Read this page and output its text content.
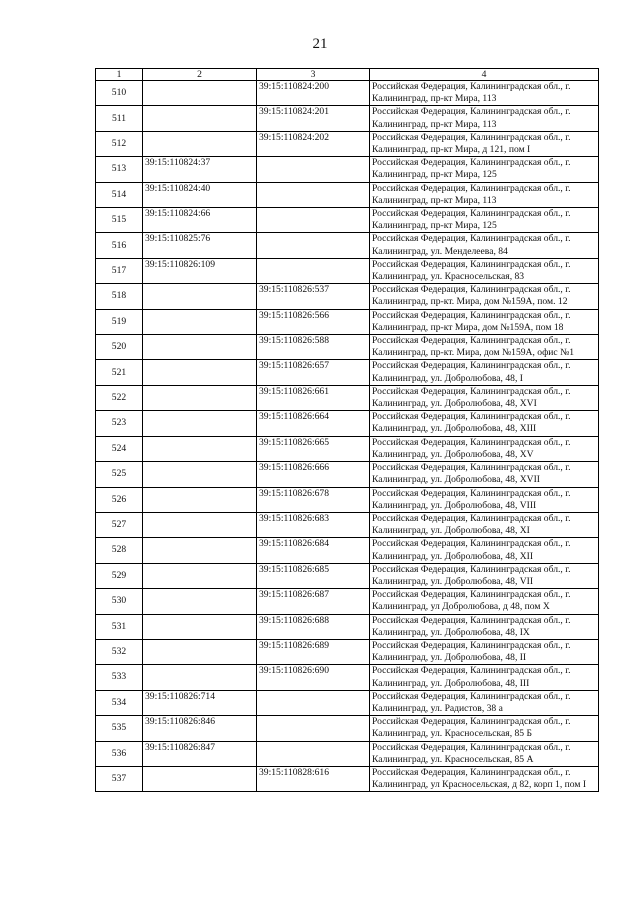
21
1	2	3	4
510		39:15:110824:200	Российская Федерация, Калининградская обл., г. Калининград, пр-кт Мира, 113
511		39:15:110824:201	Российская Федерация, Калининградская обл., г. Калининград, пр-кт Мира, 113
512		39:15:110824:202	Российская Федерация, Калининградская обл., г. Калининград, пр-кт Мира, д 121, пом I
513	39:15:110824:37		Российская Федерация, Калининградская обл., г. Калининград, пр-кт Мира, 125
514	39:15:110824:40		Российская Федерация, Калининградская обл., г. Калининград, пр-кт Мира, 113
515	39:15:110824:66		Российская Федерация, Калининградская обл., г. Калининград, пр-кт Мира, 125
516	39:15:110825:76		Российская Федерация, Калининградская обл., г. Калининград, ул. Менделеева, 84
517	39:15:110826:109		Российская Федерация, Калининградская обл., г. Калининград, ул. Красносельская, 83
518		39:15:110826:537	Российская Федерация, Калининградская обл., г. Калининград, пр-кт. Мира, дом №159А, пом. 12
519		39:15:110826:566	Российская Федерация, Калининградская обл., г. Калининград, пр-кт Мира, дом №159А, пом 18
520		39:15:110826:588	Российская Федерация, Калининградская обл., г. Калининград, пр-кт. Мира, дом №159А, офис №1
521		39:15:110826:657	Российская Федерация, Калининградская обл., г. Калининград, ул. Добролюбова, 48, I
522		39:15:110826:661	Российская Федерация, Калининградская обл., г. Калининград, ул. Добролюбова, 48, XVI
523		39:15:110826:664	Российская Федерация, Калининградская обл., г. Калининград, ул. Добролюбова, 48, XIII
524		39:15:110826:665	Российская Федерация, Калининградская обл., г. Калининград, ул. Добролюбова, 48, XV
525		39:15:110826:666	Российская Федерация, Калининградская обл., г. Калининград, ул. Добролюбова, 48, XVII
526		39:15:110826:678	Российская Федерация, Калининградская обл., г. Калининград, ул. Добролюбова, 48, VIII
527		39:15:110826:683	Российская Федерация, Калининградская обл., г. Калининград, ул. Добролюбова, 48, XI
528		39:15:110826:684	Российская Федерация, Калининградская обл., г. Калининград, ул. Добролюбова, 48, XII
529		39:15:110826:685	Российская Федерация, Калининградская обл., г. Калининград, ул. Добролюбова, 48, VII
530		39:15:110826:687	Российская Федерация, Калининградская обл., г. Калининград, ул Добролюбова, д 48, пом X
531		39:15:110826:688	Российская Федерация, Калининградская обл., г. Калининград, ул. Добролюбова, 48, IX
532		39:15:110826:689	Российская Федерация, Калининградская обл., г. Калининград, ул. Добролюбова, 48, II
533		39:15:110826:690	Российская Федерация, Калининградская обл., г. Калининград, ул. Добролюбова, 48, III
534	39:15:110826:714		Российская Федерация, Калининградская обл., г. Калининград, ул. Радистов, 38 а
535	39:15:110826:846		Российская Федерация, Калининградская обл., г. Калининград, ул. Красносельская, 85 Б
536	39:15:110826:847		Российская Федерация, Калининградская обл., г. Калининград, ул. Красносельская, 85 А
537		39:15:110828:616	Российская Федерация, Калининградская обл., г. Калининград, ул Красносельская, д 82, корп 1, пом I
